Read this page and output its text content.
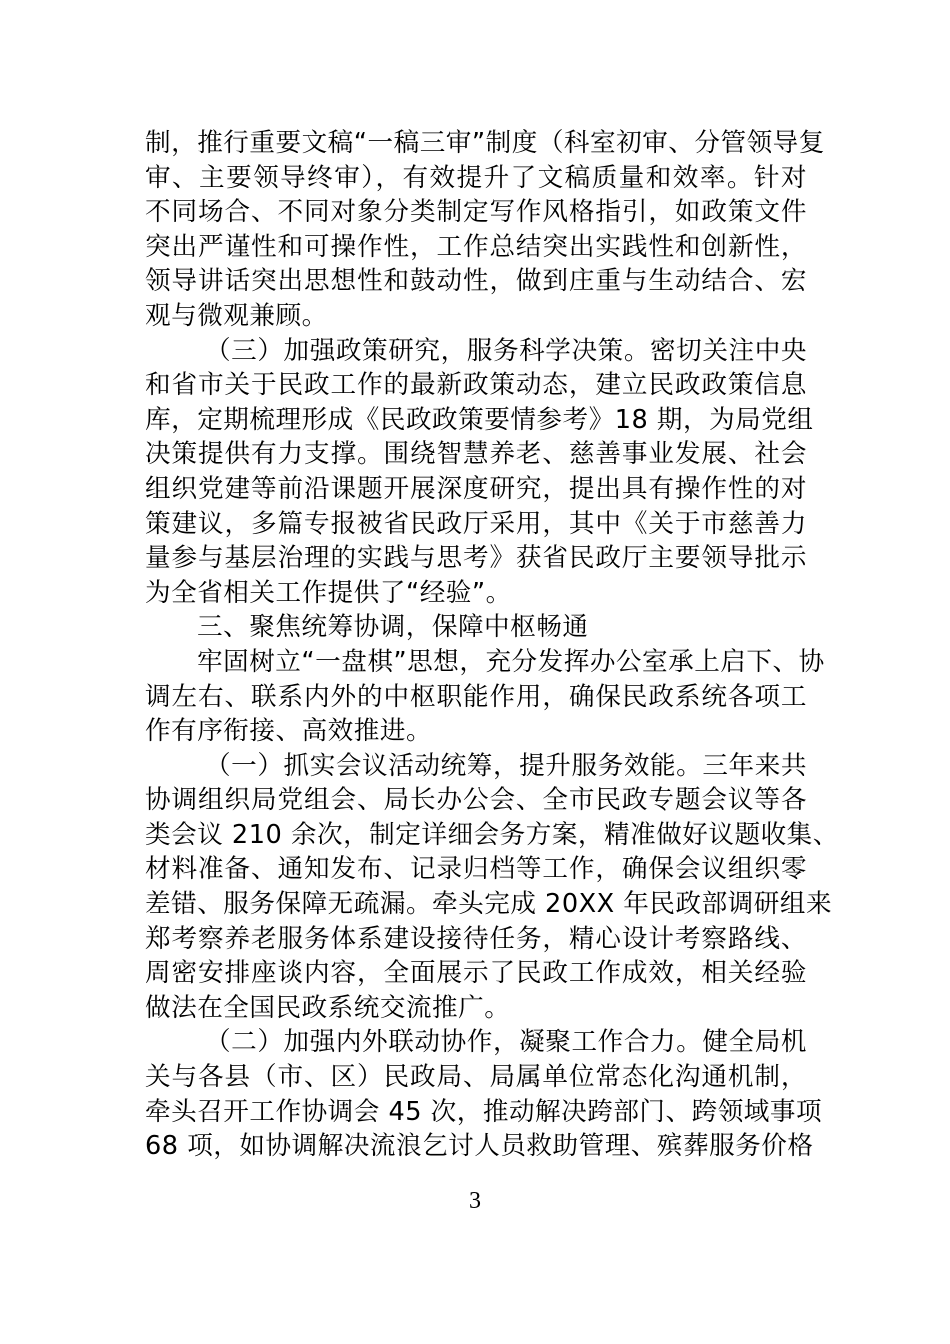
制，推行重要文稿“一稿三审”制度（科室初审、分管领导复
审、主要领导终审），有效提升了文稿质量和效率。针对
不同场合、不同对象分类制定写作风格指引，如政策文件
突出严谨性和可操作性，工作总结突出实践性和创新性，
领导讲话突出思想性和鼓动性，做到庄重与生动结合、宏
观与微观兼顾。
（三）加强政策研究，服务科学决策。密切关注中央
和省市关于民政工作的最新政策动态，建立民政政策信息
库，定期梳理形成《民政政策要情参考》18 期，为局党组
决策提供有力支撑。围绕智慧养老、慈善事业发展、社会
组织党建等前沿课题开展深度研究，提出具有操作性的对
策建议，多篇专报被省民政厅采用，其中《关于市慈善力
量参与基层治理的实践与思考》获省民政厅主要领导批示
为全省相关工作提供了“经验”。
三、聚焦统筹协调，保障中枢畅通
牢固树立“一盘棋”思想，充分发挥办公室承上启下、协
调左右、联系内外的中枢职能作用，确保民政系统各项工
作有序衔接、高效推进。
（一）抓实会议活动统筹，提升服务效能。三年来共
协调组织局党组会、局长办公会、全市民政专题会议等各
类会议 210 余次，制定详细会务方案，精准做好议题收集、
材料准备、通知发布、记录归档等工作，确保会议组织零
差错、服务保障无疏漏。牵头完成 20XX 年民政部调研组来
郑考察养老服务体系建设接待任务，精心设计考察路线、
周密安排座谈内容，全面展示了民政工作成效，相关经验
做法在全国民政系统交流推广。
（二）加强内外联动协作，凝聚工作合力。健全局机
关与各县（市、区）民政局、局属单位常态化沟通机制，
牵头召开工作协调会 45 次，推动解决跨部门、跨领域事项
68 项，如协调解决流浪乞讨人员救助管理、殡葬服务价格
3
